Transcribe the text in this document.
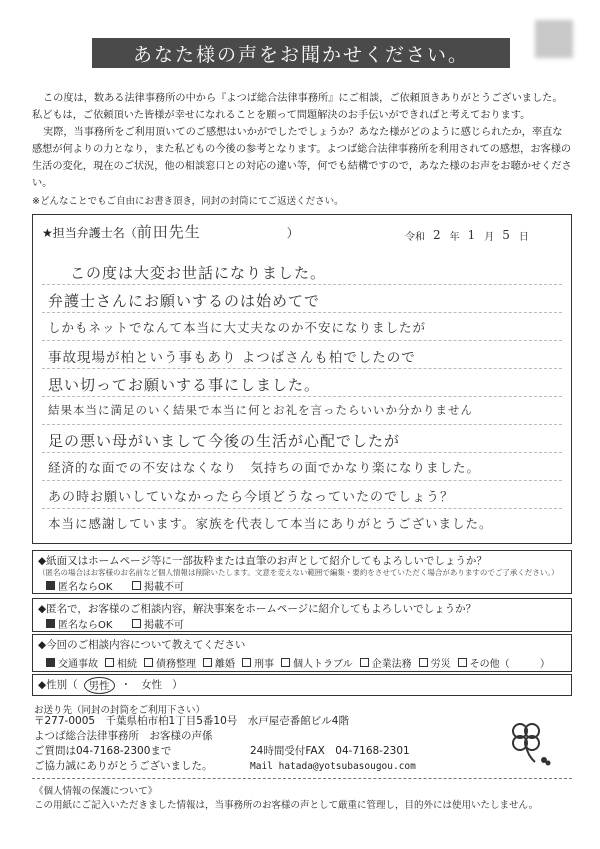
あなた様の声をお聞かせください。
この度は，数ある法律事務所の中から『よつば総合法律事務所』にご相談，ご依頼頂きありがとうございました。私どもは，ご依頼頂いた皆様が幸せになれることを願って問題解決のお手伝いができればと考えております。
実際，当事務所をご利用頂いてのご感想はいかがでしたでしょうか？あなた様がどのように感じられたか，率直な感想が何よりの力となり，また私どもの今後の参考となります。よつば総合法律事務所を利用されての感想，お客様の生活の変化，現在のご状況，他の相談窓口との対応の違い等，何でも結構ですので，あなた様のお声をお聴かせください。
※どんなことでもご自由にお書き頂き，同封の封筒にてご返送ください。
★担当弁護士名（ 前田先生	）	令和 2 年 1 月 5 日
この度は大変お世話になりました。
弁護士さんにお願いするのは始めてで
しかもネットでなんて本当に大丈夫なのか不安になりましたが
事故現場が柏という事もあり よつばさんも柏でしたので
思い切ってお願いする事にしました。
結果本当に満足のいく結果で本当に何とお礼を言ったらいいか分かりません
足の悪い母がいまして今後の生活が心配でしたが
経済的な面での不安はなくなり　気持ちの面でかなり楽になりました。
あの時お願いしていなかったら今頃どうなっていたのでしょう？
本当に感謝しています。家族を代表して本当にありがとうございました。
◆紙面又はホームページ等に一部抜粋または直筆のお声として紹介してもよろしいでしょうか？
（匿名の場合はお客様のお名前など個人情報は削除いたします。文意を変えない範囲で編集・要約をさせていただく場合がありますのでご了承ください。）
匿名ならOK	掲載不可
◆匿名で，お客様のご相談内容，解決事案をホームページに紹介してもよろしいでしょうか？
匿名ならOK	掲載不可
◆今回のご相談内容について教えてください
交通事故 相続 債務整理 離婚 刑事 個人トラブル 企業法務 労災 その他（	）
◆性別（	男性	・ 女性 ）
お送り先（同封の封筒をご利用下さい）
〒277-0005　千葉県柏市柏1丁目5番10号　水戸屋壱番館ビル4階
よつば総合法律事務所　お客様の声係
ご質問は04-7168-2300まで	24時間受付FAX　04-7168-2301
ご協力誠にありがとうございました。	Mail hatada@yotsubasougou.com
《個人情報の保護について》
この用紙にご記入いただきました情報は，当事務所のお客様の声として厳重に管理し，目的外には使用いたしません。
